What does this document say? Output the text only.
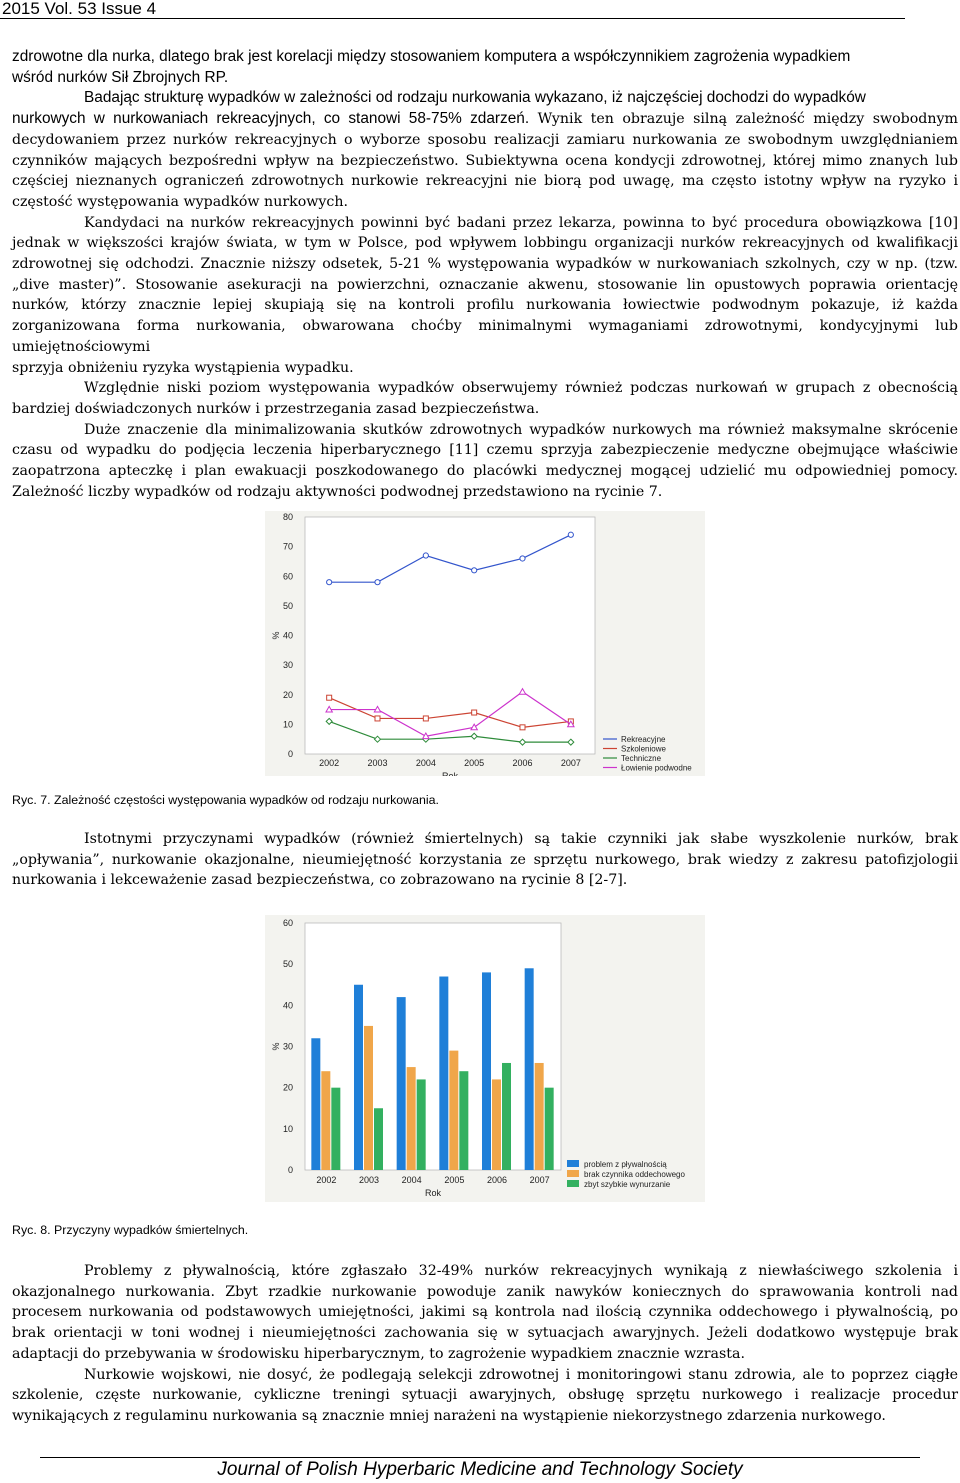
2015 Vol. 53 Issue 4

zdrowotne dla nurka, dlatego brak jest korelacji między stosowaniem komputera a współczynnikiem zagrożenia wypadkiem

wśród nurków Sił Zbrojnych RP.

Badając strukturę wypadków w zależności od rodzaju nurkowania wykazano, iż najczęściej dochodzi do wypadków

nurkowych w nurkowaniach rekreacyjnych, co stanowi 58-75% zdarzeń. Wynik ten obrazuje silną zależność między swobodnym decydowaniem przez nurków rekreacyjnych o wyborze sposobu realizacji zamiaru nurkowania ze swobodnym uwzględnianiem czynników mających bezpośredni wpływ na bezpieczeństwo. Subiektywna ocena kondycji zdrowotnej, której mimo znanych lub częściej nieznanych ograniczeń zdrowotnych nurkowie rekreacyjni nie biorą pod uwagę, ma często istotny wpływ na ryzyko i częstość występowania wypadków nurkowych.

Kandydaci na nurków rekreacyjnych powinni być badani przez lekarza, powinna to być procedura obowiązkowa [10] jednak w większości krajów świata, w tym w Polsce, pod wpływem lobbingu organizacji nurków rekreacyjnych od kwalifikacji zdrowotnej się odchodzi. Znacznie niższy odsetek, 5-21 % występowania wypadków w nurkowaniach szkolnych, czy w np. (tzw. „dive master)”. Stosowanie asekuracji na powierzchni, oznaczanie akwenu, stosowanie lin opustowych poprawia orientację nurków, którzy znacznie lepiej skupiają się na kontroli profilu nurkowania łowiectwie podwodnym pokazuje, iż każda zorganizowana forma nurkowania, obwarowana choćby minimalnymi wymaganiami zdrowotnymi, kondycyjnymi lub umiejętnościowymi

sprzyja obniżeniu ryzyka wystąpienia wypadku.

Względnie niski poziom występowania wypadków obserwujemy również podczas nurkowań w grupach z obecnością bardziej doświadczonych nurków i przestrzegania zasad bezpieczeństwa.

Duże znaczenie dla minimalizowania skutków zdrowotnych wypadków nurkowych ma również maksymalne skrócenie czasu od wypadku do podjęcia leczenia hiperbarycznego [11] czemu sprzyja zabezpieczenie medyczne obejmujące właściwie zaopatrzona apteczkę i plan ewakuacji poszkodowanego do placówki medycznej mogącej udzielić mu odpowiedniej pomocy. Zależność liczby wypadków od rodzaju aktywności podwodnej przedstawiono na rycinie 7.

0
10
20
30
40
50
60
70
80
2002	2003	2004	2005	2006	2007
%
Rok
Rekreacyjne
Szkoleniowe
Techniczne
Łowienie podwodne
Ryc. 7. Zależność częstości występowania wypadków od rodzaju nurkowania.

Istotnymi przyczynami wypadków (również śmiertelnych) są takie czynniki jak słabe wyszkolenie nurków, brak „opływania”, nurkowanie okazjonalne, nieumiejętność korzystania ze sprzętu nurkowego, brak wiedzy z zakresu patofizjologii nurkowania i lekceważenie zasad bezpieczeństwa, co zobrazowano na rycinie 8 [2-7].

0
10
20
30
40
50
60
2002	2003	2004	2005	2006	2007
%
Rok
problem z pływalnością
brak czynnika oddechowego
zbyt szybkie wynurzanie
Ryc. 8. Przyczyny wypadków śmiertelnych.

Problemy z pływalnością, które zgłaszało 32-49% nurków rekreacyjnych wynikają z niewłaściwego szkolenia i okazjonalnego nurkowania. Zbyt rzadkie nurkowanie powoduje zanik nawyków koniecznych do sprawowania kontroli nad procesem nurkowania od podstawowych umiejętności, jakimi są kontrola nad ilością czynnika oddechowego i pływalnością, po brak orientacji w toni wodnej i nieumiejętności zachowania się w sytuacjach awaryjnych. Jeżeli dodatkowo występuje brak adaptacji do przebywania w środowisku hiperbarycznym, to zagrożenie wypadkiem znacznie wzrasta.

Nurkowie wojskowi, nie dosyć, że podlegają selekcji zdrowotnej i monitoringowi stanu zdrowia, ale to poprzez ciągłe szkolenie, częste nurkowanie, cykliczne treningi sytuacji awaryjnych, obsługę sprzętu nurkowego i realizacje procedur wynikających z regulaminu nurkowania są znacznie mniej narażeni na wystąpienie niekorzystnego zdarzenia nurkowego.

Journal of Polish Hyperbaric Medicine and Technology Society
